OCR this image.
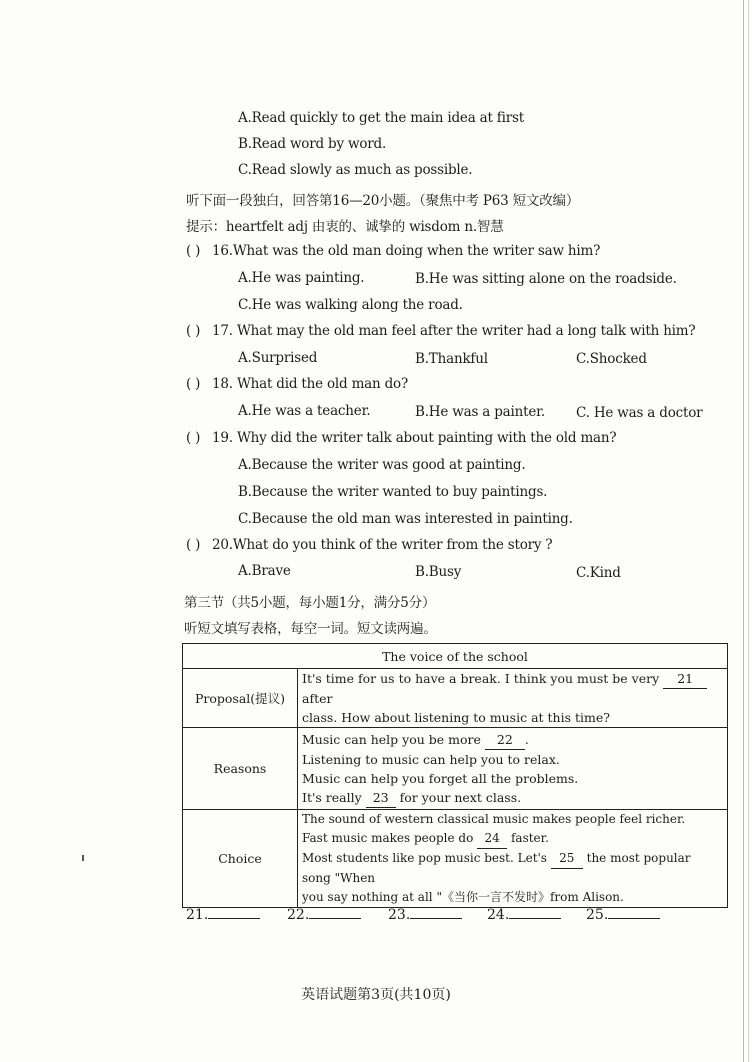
A.Read quickly to get the main idea at first
B.Read word by word.
C.Read slowly as much as possible.
听下面一段独白，回答第16—20小题。（聚焦中考 P63 短文改编）
提示：heartfelt adj 由衷的、诚挚的 wisdom n.智慧
( ) 16.What was the old man doing when the writer saw him?
A.He was painting.	B.He was sitting alone on the roadside.
C.He was walking along the road.
( ) 17. What may the old man feel after the writer had a long talk with him?
A.Surprised	B.Thankful	C.Shocked
( ) 18. What did the old man do?
A.He was a teacher.	B.He was a painter. C. He was a doctor
( ) 19. Why did the writer talk about painting with the old man?
A.Because the writer was good at painting.
B.Because the writer wanted to buy paintings.
C.Because the old man was interested in painting.
( ) 20.What do you think of the writer from the story ?
A.Brave	B.Busy	C.Kind
第三节（共5小题，每小题1分，满分5分）
听短文填写表格，每空一词。短文读两遍。
The voice of the school	
Proposal(提议)	It's time for us to have a break. I think you must be very 21 after
class. How about listening to music at this time?
Reasons	Music can help you be more 22 .
Listening to music can help you to relax.
Music can help you forget all the problems.
It's really 23 for your next class.
Choice	The sound of western classical music makes people feel richer.
Fast music makes people do 24 faster.
Most students like pop music best. Let's 25 the most popular song "When
you say nothing at all "《当你一言不发时》from Alison.
21.	22.	23.	24.	25.
英语试题第3页(共10页)
